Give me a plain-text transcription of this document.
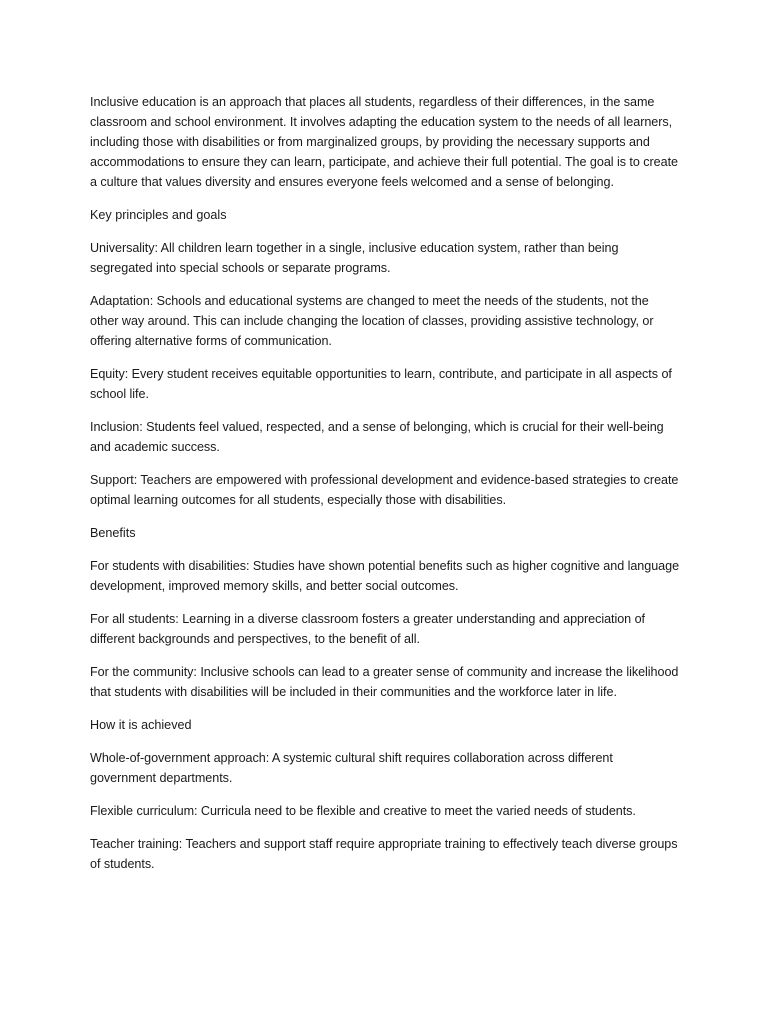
Inclusive education is an approach that places all students, regardless of their differences, in the same classroom and school environment. It involves adapting the education system to the needs of all learners, including those with disabilities or from marginalized groups, by providing the necessary supports and accommodations to ensure they can learn, participate, and achieve their full potential. The goal is to create a culture that values diversity and ensures everyone feels welcomed and a sense of belonging.

Key principles and goals

Universality: All children learn together in a single, inclusive education system, rather than being segregated into special schools or separate programs.

Adaptation: Schools and educational systems are changed to meet the needs of the students, not the other way around. This can include changing the location of classes, providing assistive technology, or offering alternative forms of communication.

Equity: Every student receives equitable opportunities to learn, contribute, and participate in all aspects of school life.

Inclusion: Students feel valued, respected, and a sense of belonging, which is crucial for their well-being and academic success.

Support: Teachers are empowered with professional development and evidence-based strategies to create optimal learning outcomes for all students, especially those with disabilities.

Benefits

For students with disabilities: Studies have shown potential benefits such as higher cognitive and language development, improved memory skills, and better social outcomes.

For all students: Learning in a diverse classroom fosters a greater understanding and appreciation of different backgrounds and perspectives, to the benefit of all.

For the community: Inclusive schools can lead to a greater sense of community and increase the likelihood that students with disabilities will be included in their communities and the workforce later in life.

How it is achieved

Whole-of-government approach: A systemic cultural shift requires collaboration across different government departments.

Flexible curriculum: Curricula need to be flexible and creative to meet the varied needs of students.

Teacher training: Teachers and support staff require appropriate training to effectively teach diverse groups of students.
